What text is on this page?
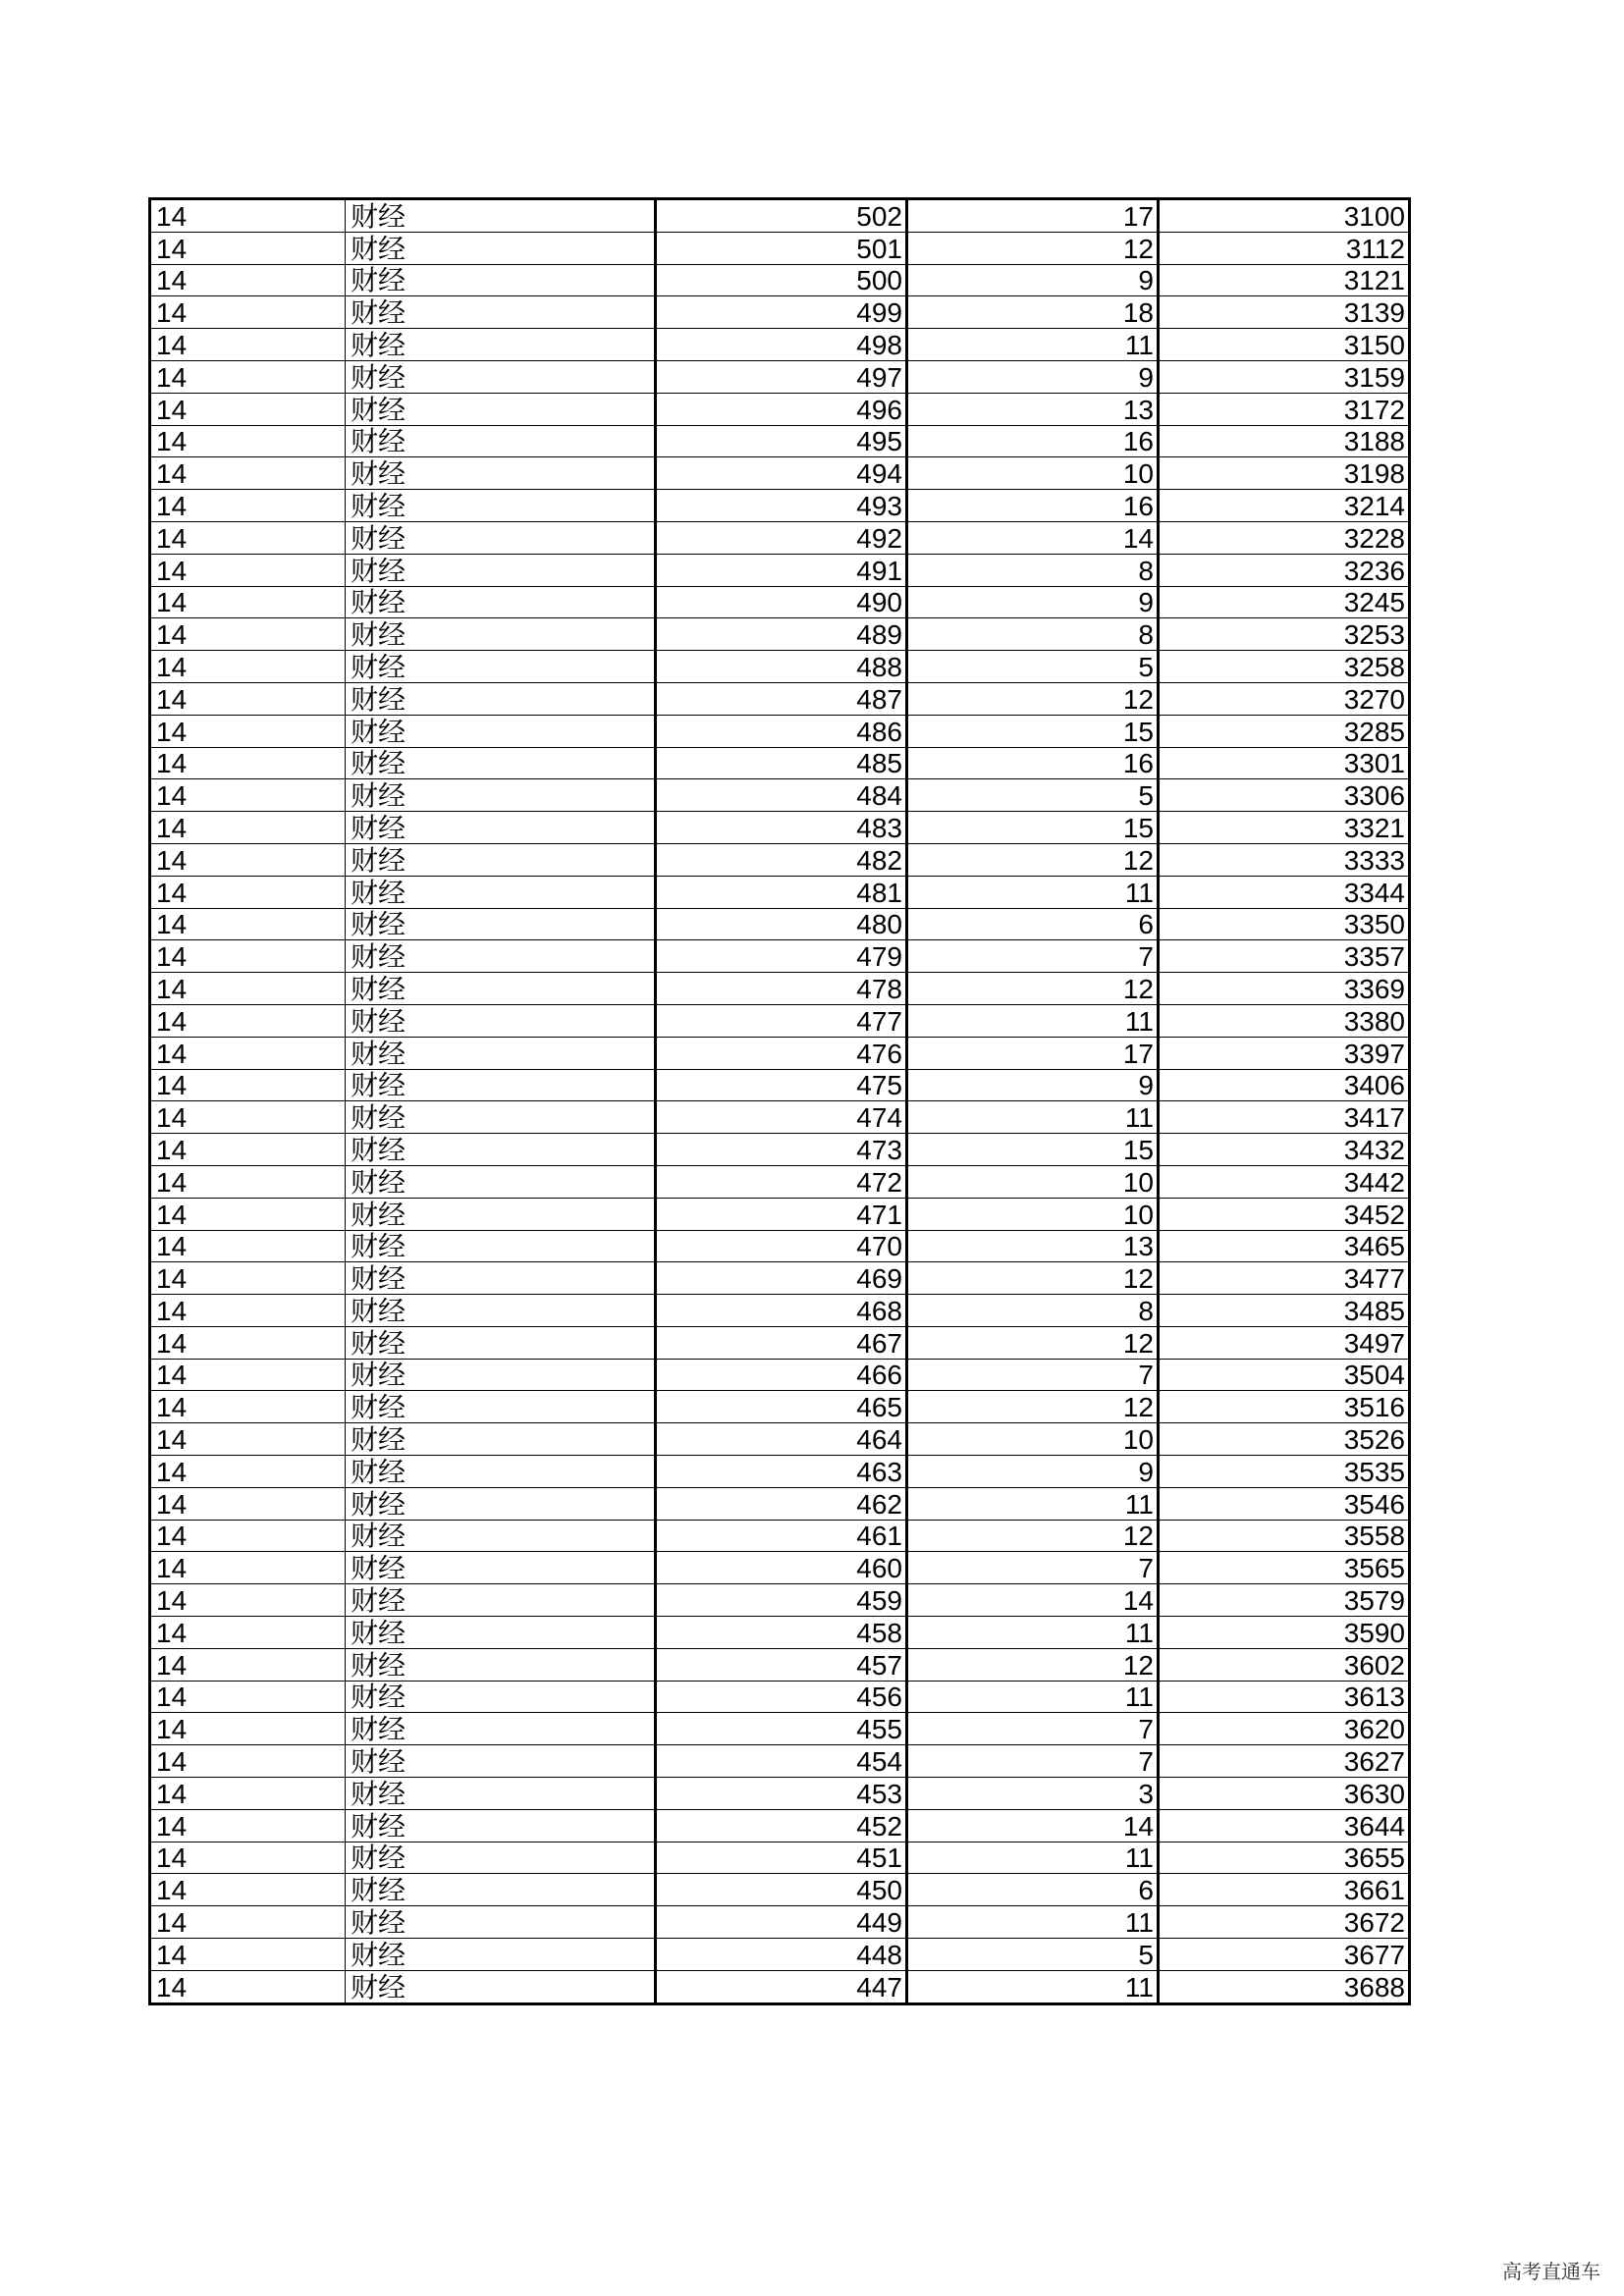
14	财经	502	17	3100
14	财经	501	12	3112
14	财经	500	9	3121
14	财经	499	18	3139
14	财经	498	11	3150
14	财经	497	9	3159
14	财经	496	13	3172
14	财经	495	16	3188
14	财经	494	10	3198
14	财经	493	16	3214
14	财经	492	14	3228
14	财经	491	8	3236
14	财经	490	9	3245
14	财经	489	8	3253
14	财经	488	5	3258
14	财经	487	12	3270
14	财经	486	15	3285
14	财经	485	16	3301
14	财经	484	5	3306
14	财经	483	15	3321
14	财经	482	12	3333
14	财经	481	11	3344
14	财经	480	6	3350
14	财经	479	7	3357
14	财经	478	12	3369
14	财经	477	11	3380
14	财经	476	17	3397
14	财经	475	9	3406
14	财经	474	11	3417
14	财经	473	15	3432
14	财经	472	10	3442
14	财经	471	10	3452
14	财经	470	13	3465
14	财经	469	12	3477
14	财经	468	8	3485
14	财经	467	12	3497
14	财经	466	7	3504
14	财经	465	12	3516
14	财经	464	10	3526
14	财经	463	9	3535
14	财经	462	11	3546
14	财经	461	12	3558
14	财经	460	7	3565
14	财经	459	14	3579
14	财经	458	11	3590
14	财经	457	12	3602
14	财经	456	11	3613
14	财经	455	7	3620
14	财经	454	7	3627
14	财经	453	3	3630
14	财经	452	14	3644
14	财经	451	11	3655
14	财经	450	6	3661
14	财经	449	11	3672
14	财经	448	5	3677
14	财经	447	11	3688
高考直通车
